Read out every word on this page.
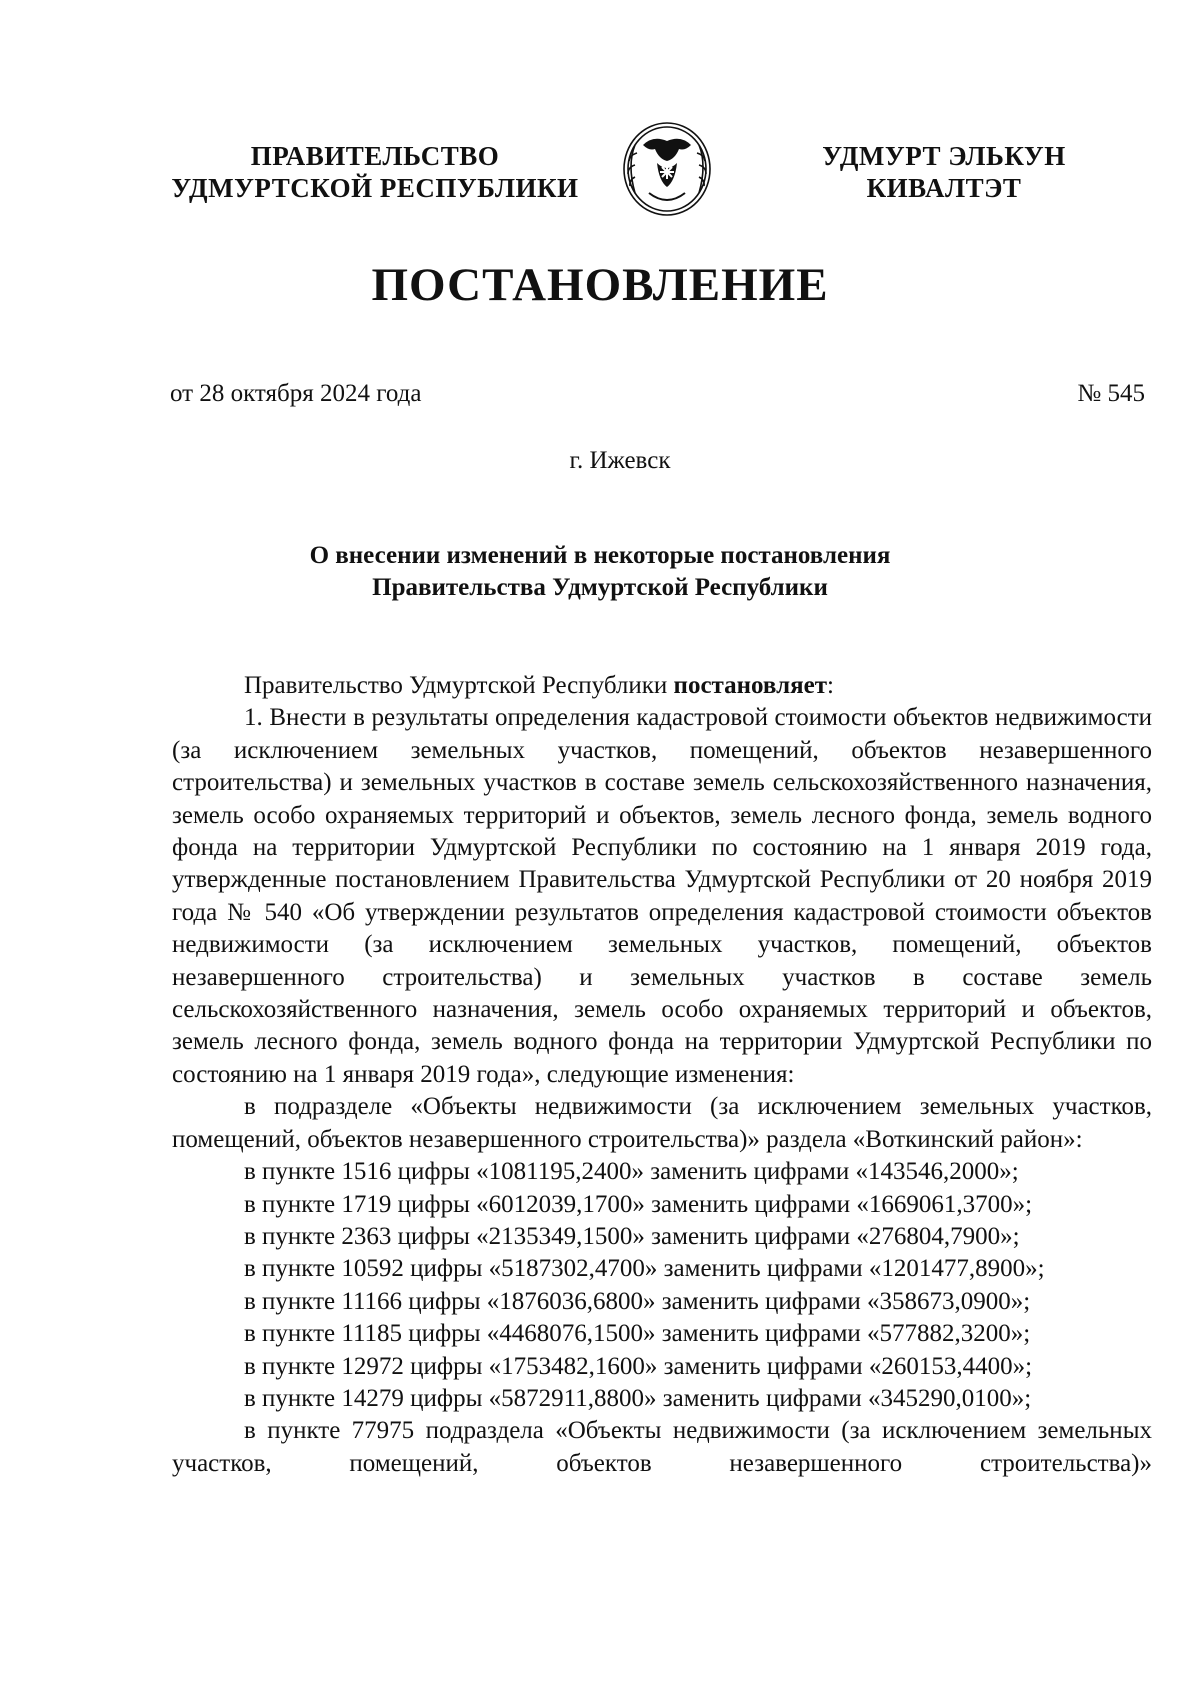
ПРАВИТЕЛЬСТВО
УДМУРТСКОЙ РЕСПУБЛИКИ
УДМУРТ ЭЛЬКУН
КИВАЛТЭТ
ПОСТАНОВЛЕНИЕ
от 28 октября 2024 года	№ 545
г. Ижевск
О внесении изменений в некоторые постановления
Правительства Удмуртской Республики

Правительство Удмуртской Республики постановляет:

1. Внести в результаты определения кадастровой стоимости объектов недвижимости (за исключением земельных участков, помещений, объектов незавершенного строительства) и земельных участков в составе земель сельскохозяйственного назначения, земель особо охраняемых территорий и объектов, земель лесного фонда, земель водного фонда на территории Удмуртской Республики по состоянию на 1 января 2019 года, утвержденные постановлением Правительства Удмуртской Республики от 20 ноября 2019 года № 540 «Об утверждении результатов определения кадастровой стоимости объектов недвижимости (за исключением земельных участков, помещений, объектов незавершенного строительства) и земельных участков в составе земель сельскохозяйственного назначения, земель особо охраняемых территорий и объектов, земель лесного фонда, земель водного фонда на территории Удмуртской Республики по состоянию на 1 января 2019 года», следующие изменения:

в подразделе «Объекты недвижимости (за исключением земельных участков, помещений, объектов незавершенного строительства)» раздела «Воткинский район»:

в пункте 1516 цифры «1081195,2400» заменить цифрами «143546,2000»;

в пункте 1719 цифры «6012039,1700» заменить цифрами «1669061,3700»;

в пункте 2363 цифры «2135349,1500» заменить цифрами «276804,7900»;

в пункте 10592 цифры «5187302,4700» заменить цифрами «1201477,8900»;

в пункте 11166 цифры «1876036,6800» заменить цифрами «358673,0900»;

в пункте 11185 цифры «4468076,1500» заменить цифрами «577882,3200»;

в пункте 12972 цифры «1753482,1600» заменить цифрами «260153,4400»;

в пункте 14279 цифры «5872911,8800» заменить цифрами «345290,0100»;

в пункте 77975 подраздела «Объекты недвижимости (за исключением земельных участков, помещений, объектов незавершенного строительства)»
